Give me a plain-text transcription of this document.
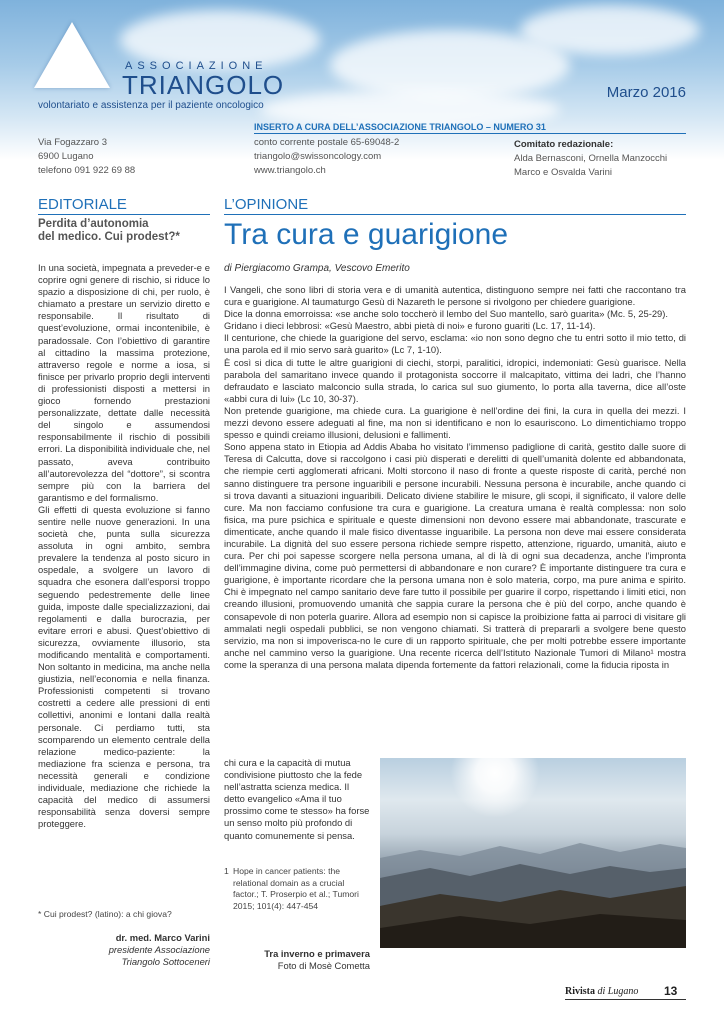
ASSOCIAZIONE
TRIANGOLO
volontariato e assistenza per il paziente oncologico
Marzo 2016
INSERTO A CURA DELL’ASSOCIAZIONE TRIANGOLO – NUMERO 31
Via Fogazzaro 3
6900 Lugano
telefono 091 922 69 88
conto corrente postale 65-69048-2
triangolo@swissoncology.com
www.triangolo.ch
Comitato redazionale:
Alda Bernasconi, Ornella Manzocchi
Marco e Osvalda Varini
EDITORIALE
Perdita d’autonomia
del medico. Cui prodest?*

In una società, impegnata a preveder-e e coprire ogni genere di rischio, si riduce lo spazio a disposizione di chi, per ruolo, è chiamato a prestare un servizio diretto e responsabile. Il risultato di quest’evoluzione, ormai incontenibile, è paradossale. Con l’obiettivo di garantire al cittadino la massima protezione, attraverso regole e norme a iosa, si finisce per privarlo proprio degli interventi di professionisti disposti a mettersi in gioco fornendo prestazioni personalizzate, dettate dalle necessità del singolo e assumendosi responsabilmente il rischio di possibili errori. La disponibilità individuale che, nel passato, aveva contribuito all’autorevolezza del “dottore”, si scontra sempre più con la barriera del garantismo e del formalismo.

Gli effetti di questa evoluzione si fanno sentire nelle nuove generazioni. In una società che, punta sulla sicurezza assoluta in ogni ambito, sembra prevalere la tendenza al posto sicuro in ospedale, a svolgere un lavoro di squadra che esonera dall’esporsi troppo seguendo pedestremente delle linee guida, imposte dalle specializzazioni, dai regolamenti e dalla burocrazia, per evitare errori e abusi. Quest’obiettivo di sicurezza, ovviamente illusorio, sta modificando mentalità e comportamenti. Non soltanto in medicina, ma anche nella giustizia, nell’economia e nella finanza. Professionisti competenti si trovano costretti a cedere alle pressioni di enti collettivi, anonimi e lontani dalla realtà personale. Ci perdiamo tutti, sta scomparendo un elemento centrale della relazione medico-paziente: la mediazione fra scienza e persona, tra necessità generali e condizione individuale, mediazione che richiede la capacità del medico di assumersi responsabilità senza doversi sempre proteggere.

* Cui prodest? (latino): a chi giova?
dr. med. Marco Varini
presidente Associazione
Triangolo Sottoceneri
L’OPINIONE
Tra cura e guarigione
di Piergiacomo Grampa, Vescovo Emerito

I Vangeli, che sono libri di storia vera e di umanità autentica, distinguono sempre nei fatti che raccontano tra cura e guarigione. Al taumaturgo Gesù di Nazareth le persone si rivolgono per chiedere guarigione.

Dice la donna emorroissa: «se anche solo toccherò il lembo del Suo mantello, sarò guarita» (Mc. 5, 25-29).

Gridano i dieci lebbrosi: «Gesù Maestro, abbi pietà di noi» e furono guariti (Lc. 17, 11-14).

Il centurione, che chiede la guarigione del servo, esclama: «io non sono degno che tu entri sotto il mio tetto, di una parola ed il mio servo sarà guarito» (Lc 7, 1-10).

È così si dica di tutte le altre guarigioni di ciechi, storpi, paralitici, idropici, indemoniati: Gesù guarisce. Nella parabola del samaritano invece quando il protagonista soccorre il malcapitato, vittima dei ladri, che l’hanno defraudato e lasciato malconcio sulla strada, lo carica sul suo giumento, lo porta alla taverna, dice all’oste «abbi cura di lui» (Lc 10, 30-37).

Non pretende guarigione, ma chiede cura. La guarigione è nell’ordine dei fini, la cura in quella dei mezzi. I mezzi devono essere adeguati al fine, ma non si identificano e non lo esauriscono. Lo dimentichiamo troppo spesso e quindi creiamo illusioni, delusioni e fallimenti.

Sono appena stato in Etiopia ad Addis Ababa ho visitato l’immenso padiglione di carità, gestito dalle suore di Teresa di Calcutta, dove si raccolgono i casi più disperati e derelitti di quell’umanità dolente ed abbandonata, che riempie certi agglomerati africani. Molti storcono il naso di fronte a queste risposte di carità, perché non sanno distinguere tra persone inguaribili e persone incurabili. Nessuna persona è incurabile, anche quando ci si trova davanti a situazioni inguaribili. Delicato diviene stabilire le misure, gli scopi, il significato, il valore delle cure. Ma non facciamo confusione tra cura e guarigione. La creatura umana è realtà complessa: non solo fisica, ma pure psichica e spirituale e queste dimensioni non devono essere mai abbandonate, trascurate e dimenticate, anche quando il male fisico diventasse inguaribile. La persona non deve mai essere considerata incurabile. La dignità del suo essere persona richiede sempre rispetto, attenzione, riguardo, umanità, aiuto e cura. Per chi poi sapesse scorgere nella persona umana, al di là di ogni sua decadenza, anche l’impronta dell’immagine divina, come può permettersi di abbandonare e non curare? È importante distinguere tra cura e guarigione, è importante ricordare che la persona umana non è solo materia, corpo, ma pure anima e spirito. Chi è impegnato nel campo sanitario deve fare tutto il possibile per guarire il corpo, rispettando i limiti etici, non creando illusioni, promuovendo umanità che sappia curare la persona che è più del corpo, anche quando è consapevole di non poterla guarire. Allora ad esempio non si capisce la proibizione fatta ai parroci di visitare gli ammalati negli ospedali pubblici, se non vengono chiamati. Si tratterà di prepararli a svolgere bene questo servizio, ma non si impoverisca-no le cure di un rapporto spirituale, che per molti potrebbe essere importante anche nel cammino verso la guarigione. Una recente ricerca dell’Istituto Nazionale Tumori di Milano¹ mostra come la speranza di una persona malata dipenda fortemente da fattori relazionali, come la fiducia riposta in

chi cura e la capacità di mutua condivisione piuttosto che la fede nell’astratta scienza medica. Il detto evangelico «Ama il tuo prossimo come te stesso» ha forse un senso molto più profondo di quanto comunemente si pensa.
1 Hope in cancer patients: the relational domain as a crucial factor.; T. Proserpio et al.; Tumori 2015; 101(4): 447-454
Tra inverno e primavera
Foto di Mosè Cometta
Rivista di Lugano 13
